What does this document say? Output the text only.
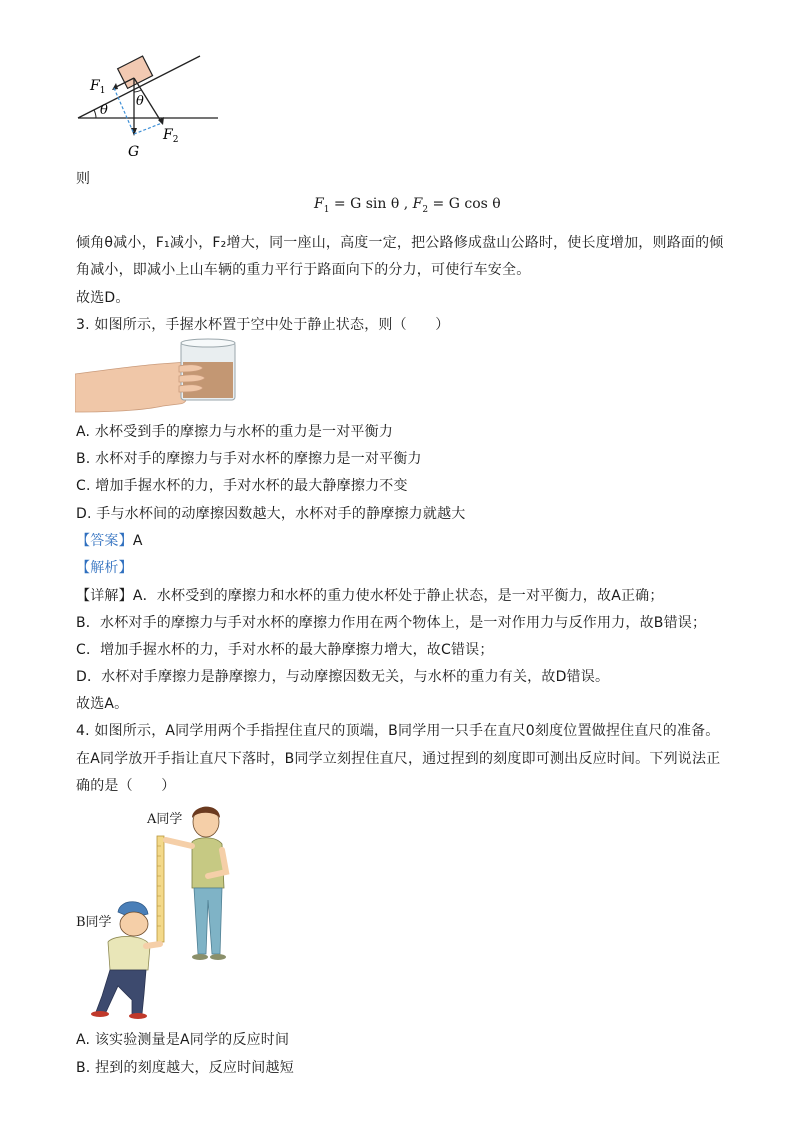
$F_1$
θ
θ
$F_2$
G
则
$F_1 = G$ sin θ , $F_2 = G$ cos θ
倾角θ减小，F₁减小，F₂增大，同一座山，高度一定，把公路修成盘山公路时，使长度增加，则路面的倾
角减小，即减小上山车辆的重力平行于路面向下的分力，可使行车安全。
故选D。
3. 如图所示，手握水杯置于空中处于静止状态，则（　　）
A. 水杯受到手的摩擦力与水杯的重力是一对平衡力
B. 水杯对手的摩擦力与手对水杯的摩擦力是一对平衡力
C. 增加手握水杯的力，手对水杯的最大静摩擦力不变
D. 手与水杯间的动摩擦因数越大，水杯对手的静摩擦力就越大
【答案】A
【解析】
【详解】A．水杯受到的摩擦力和水杯的重力使水杯处于静止状态，是一对平衡力，故A正确；
B．水杯对手的摩擦力与手对水杯的摩擦力作用在两个物体上，是一对作用力与反作用力，故B错误；
C．增加手握水杯的力，手对水杯的最大静摩擦力增大，故C错误；
D．水杯对手摩擦力是静摩擦力，与动摩擦因数无关，与水杯的重力有关，故D错误。
故选A。
4. 如图所示，A同学用两个手指捏住直尺的顶端，B同学用一只手在直尺0刻度位置做捏住直尺的准备。
在A同学放开手指让直尺下落时，B同学立刻捏住直尺，通过捏到的刻度即可测出反应时间。下列说法正
确的是（　　）
A同学
B同学
A. 该实验测量是A同学的反应时间
B. 捏到的刻度越大，反应时间越短
